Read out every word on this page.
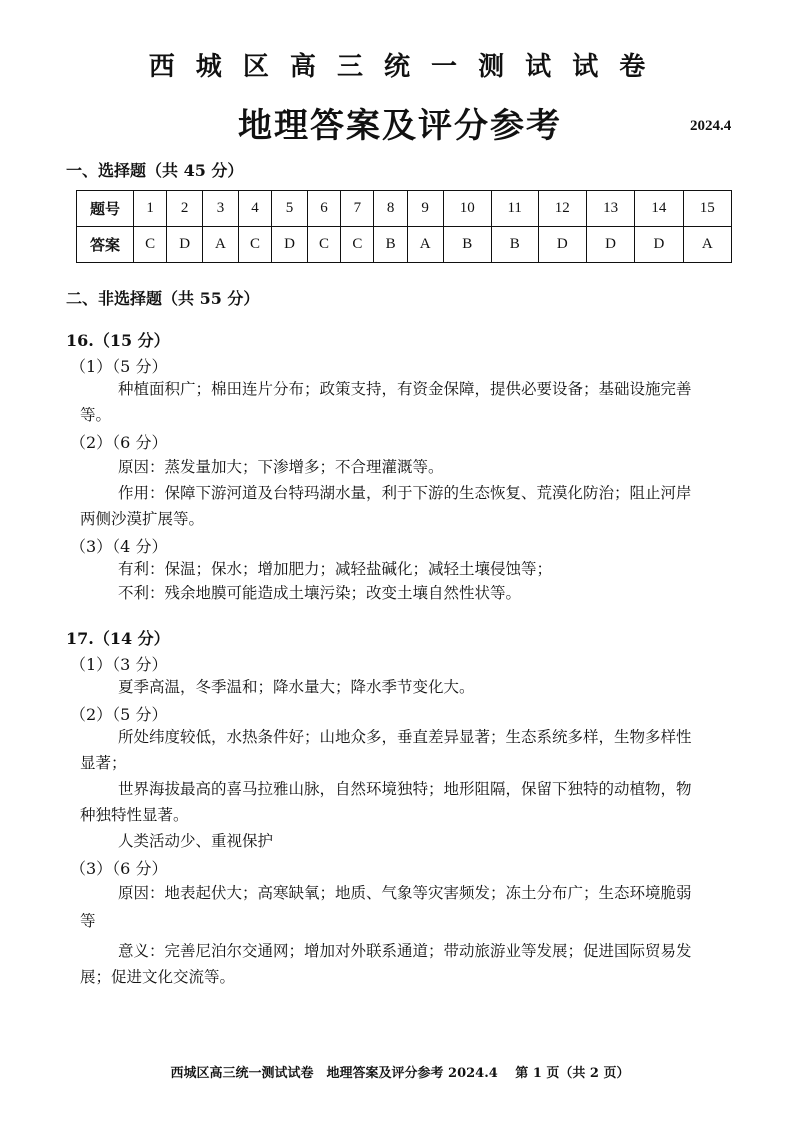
西 城 区 高 三 统 一 测 试 试 卷
地理答案及评分参考	2024.4
一、选择题（共 45 分）
题号	1	2	3	4	5	6	7	8	9	10	11	12	13	14	15
答案	C	D	A	C	D	C	C	B	A	B	B	D	D	D	A
二、非选择题（共 55 分）
16.（15 分）
（1）（5 分）
种植面积广；棉田连片分布；政策支持，有资金保障，提供必要设备；基础设施完善
等。
（2）（6 分）
原因：蒸发量加大；下渗增多；不合理灌溉等。
作用：保障下游河道及台特玛湖水量，利于下游的生态恢复、荒漠化防治；阻止河岸
两侧沙漠扩展等。
（3）（4 分）
有利：保温；保水；增加肥力；减轻盐碱化；减轻土壤侵蚀等；
不利：残余地膜可能造成土壤污染；改变土壤自然性状等。
17.（14 分）
（1）（3 分）
夏季高温，冬季温和；降水量大；降水季节变化大。
（2）（5 分）
所处纬度较低，水热条件好；山地众多，垂直差异显著；生态系统多样，生物多样性
显著；
世界海拔最高的喜马拉雅山脉，自然环境独特；地形阻隔，保留下独特的动植物，物
种独特性显著。
人类活动少、重视保护
（3）（6 分）
原因：地表起伏大；高寒缺氧；地质、气象等灾害频发；冻土分布广；生态环境脆弱
等
意义：完善尼泊尔交通网；增加对外联系通道；带动旅游业等发展；促进国际贸易发
展；促进文化交流等。
西城区高三统一测试试卷　地理答案及评分参考 2024.4　 第 1 页（共 2 页）
